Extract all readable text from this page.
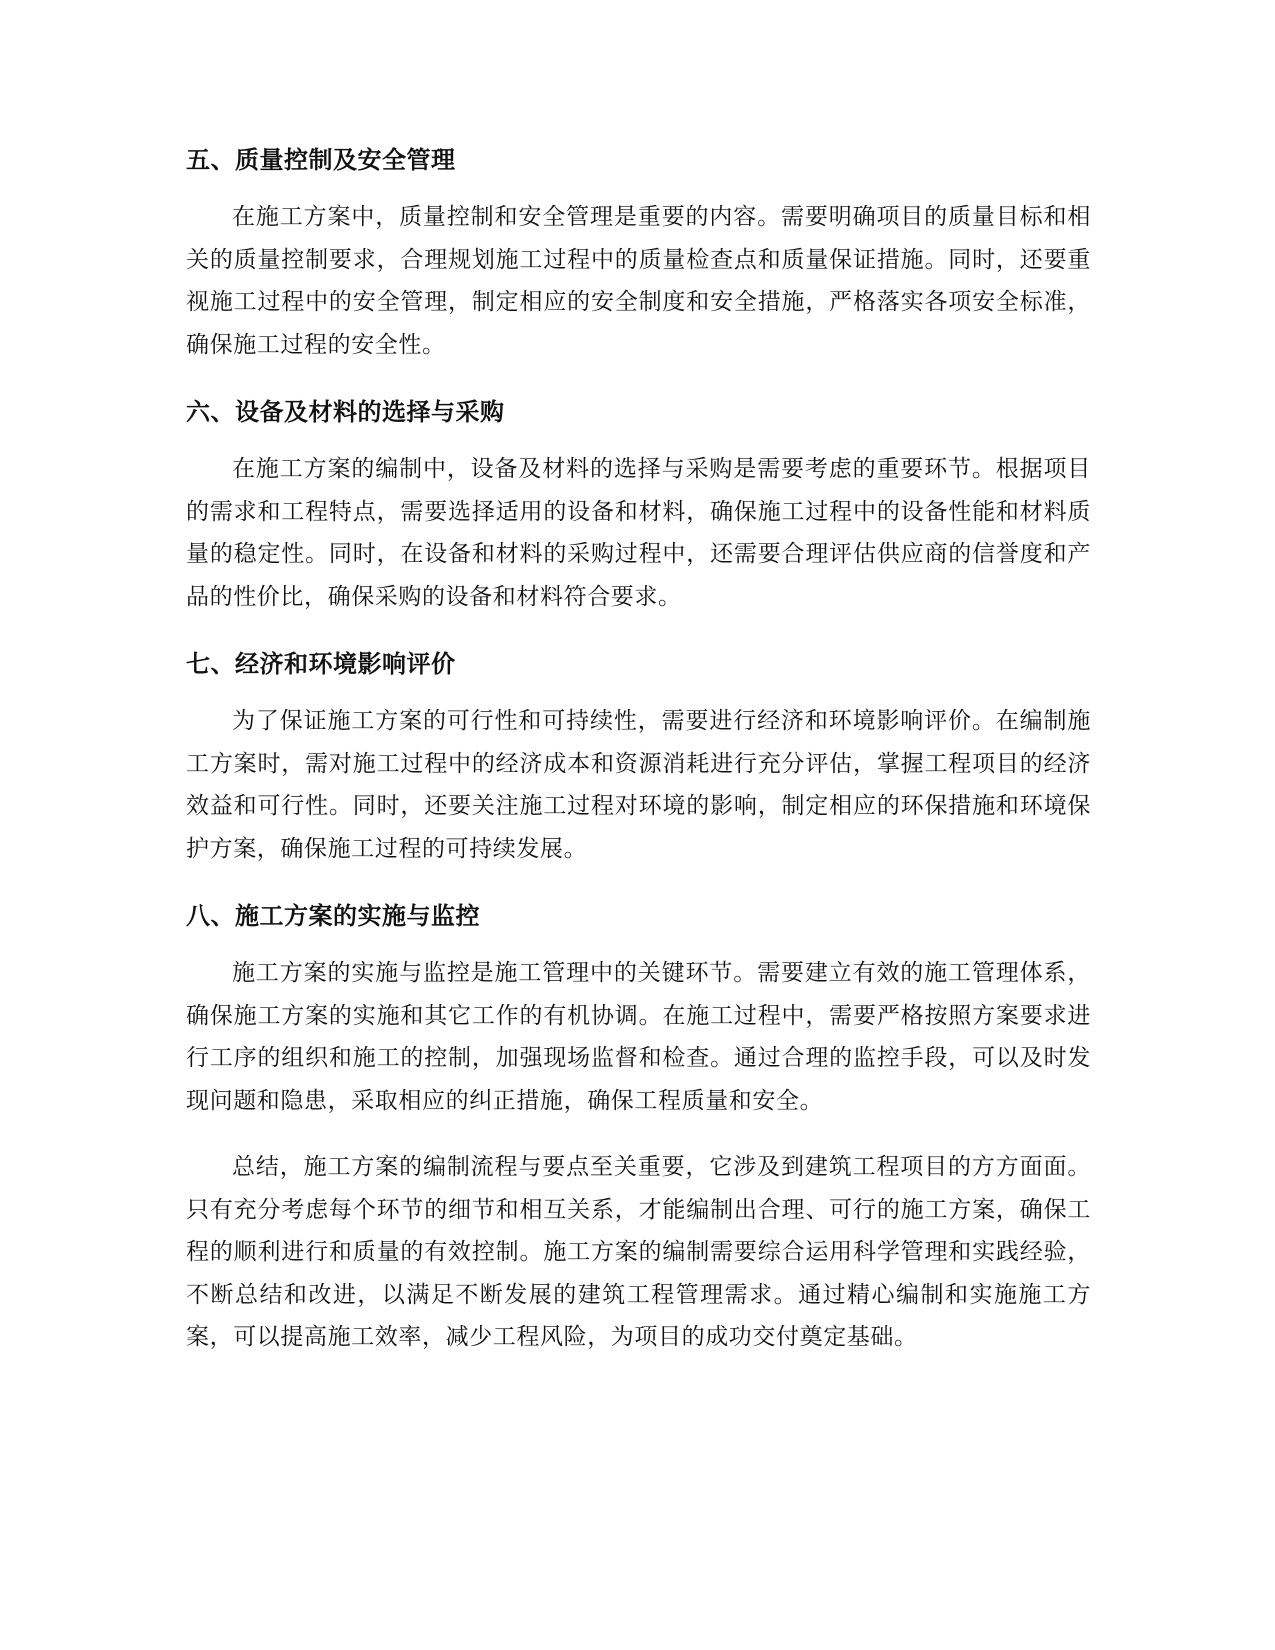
五、质量控制及安全管理

在施工方案中，质量控制和安全管理是重要的内容。需要明确项目的质量目标和相关的质量控制要求，合理规划施工过程中的质量检查点和质量保证措施。同时，还要重视施工过程中的安全管理，制定相应的安全制度和安全措施，严格落实各项安全标准，确保施工过程的安全性。

六、设备及材料的选择与采购

在施工方案的编制中，设备及材料的选择与采购是需要考虑的重要环节。根据项目的需求和工程特点，需要选择适用的设备和材料，确保施工过程中的设备性能和材料质量的稳定性。同时，在设备和材料的采购过程中，还需要合理评估供应商的信誉度和产品的性价比，确保采购的设备和材料符合要求。

七、经济和环境影响评价

为了保证施工方案的可行性和可持续性，需要进行经济和环境影响评价。在编制施工方案时，需对施工过程中的经济成本和资源消耗进行充分评估，掌握工程项目的经济效益和可行性。同时，还要关注施工过程对环境的影响，制定相应的环保措施和环境保护方案，确保施工过程的可持续发展。

八、施工方案的实施与监控

施工方案的实施与监控是施工管理中的关键环节。需要建立有效的施工管理体系，确保施工方案的实施和其它工作的有机协调。在施工过程中，需要严格按照方案要求进行工序的组织和施工的控制，加强现场监督和检查。通过合理的监控手段，可以及时发现问题和隐患，采取相应的纠正措施，确保工程质量和安全。

总结，施工方案的编制流程与要点至关重要，它涉及到建筑工程项目的方方面面。只有充分考虑每个环节的细节和相互关系，才能编制出合理、可行的施工方案，确保工程的顺利进行和质量的有效控制。施工方案的编制需要综合运用科学管理和实践经验，不断总结和改进，以满足不断发展的建筑工程管理需求。通过精心编制和实施施工方案，可以提高施工效率，减少工程风险，为项目的成功交付奠定基础。
